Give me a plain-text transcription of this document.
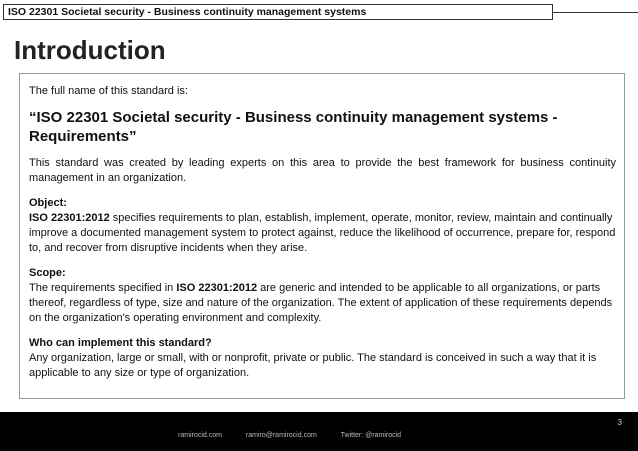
ISO 22301 Societal security - Business continuity management systems
Introduction

The full name of this standard is:

“ISO 22301 Societal security - Business continuity management systems - Requirements”

This standard was created by leading experts on this area to provide the best framework for business continuity management in an organization.

Object:
ISO 22301:2012 specifies requirements to plan, establish, implement, operate, monitor, review, maintain and continually improve a documented management system to protect against, reduce the likelihood of occurrence, prepare for, respond to, and recover from disruptive incidents when they arise.
Scope:
The requirements specified in ISO 22301:2012 are generic and intended to be applicable to all organizations, or parts thereof, regardless of type, size and nature of the organization. The extent of application of these requirements depends on the organization's operating environment and complexity.
Who can implement this standard?
Any organization, large or small, with or nonprofit, private or public. The standard is conceived in such a way that it is applicable to any size or type of organization.
3
ramirocid.com	ramiro@ramirocid.com	Twitter: @ramirocid
